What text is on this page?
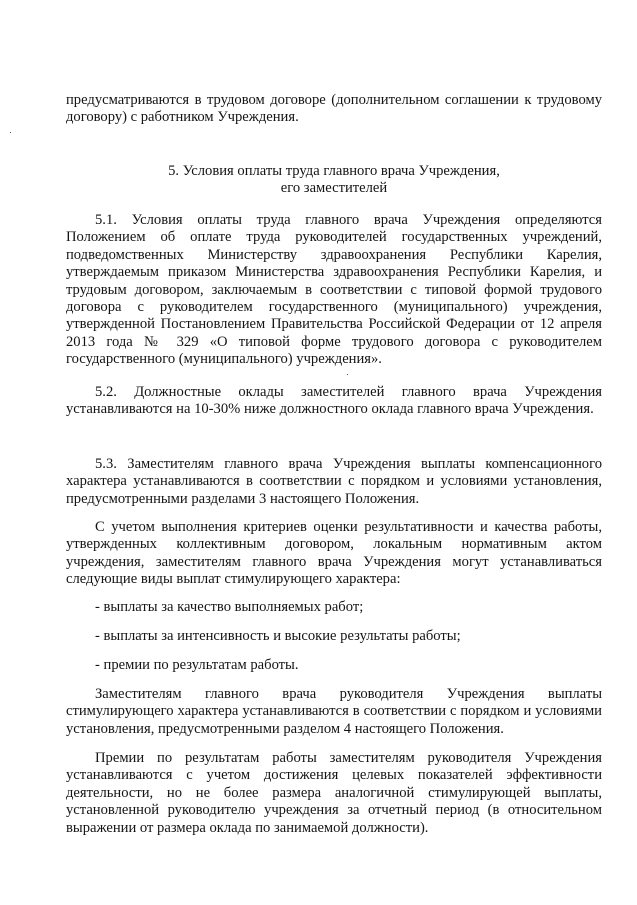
предусматриваются в трудовом договоре (дополнительном соглашении к трудовому договору) с работником Учреждения.

5. Условия оплаты труда главного врача Учреждения,
его заместителей

5.1. Условия оплаты труда главного врача Учреждения определяются Положением об оплате труда руководителей государственных учреждений, подведомственных Министерству здравоохранения Республики Карелия, утверждаемым приказом Министерства здравоохранения Республики Карелия, и трудовым договором, заключаемым в соответствии с типовой формой трудового договора с руководителем государственного (муниципального) учреждения, утвержденной Постановлением Правительства Российской Федерации от 12 апреля 2013 года № 329 «О типовой форме трудового договора с руководителем государственного (муниципального) учреждения».

5.2. Должностные оклады заместителей главного врача Учреждения устанавливаются на 10-30% ниже должностного оклада главного врача Учреждения.

5.3. Заместителям главного врача Учреждения выплаты компенсационного характера устанавливаются в соответствии с порядком и условиями установления, предусмотренными разделами 3 настоящего Положения.

С учетом выполнения критериев оценки результативности и качества работы, утвержденных коллективным договором, локальным нормативным актом учреждения, заместителям главного врача Учреждения могут устанавливаться следующие виды выплат стимулирующего характера:

- выплаты за качество выполняемых работ;

- выплаты за интенсивность и высокие результаты работы;

- премии по результатам работы.

Заместителям главного врача руководителя Учреждения выплаты стимулирующего характера устанавливаются в соответствии с порядком и условиями установления, предусмотренными разделом 4 настоящего Положения.

Премии по результатам работы заместителям руководителя Учреждения устанавливаются с учетом достижения целевых показателей эффективности деятельности, но не более размера аналогичной стимулирующей выплаты, установленной руководителю учреждения за отчетный период (в относительном выражении от размера оклада по занимаемой должности).
